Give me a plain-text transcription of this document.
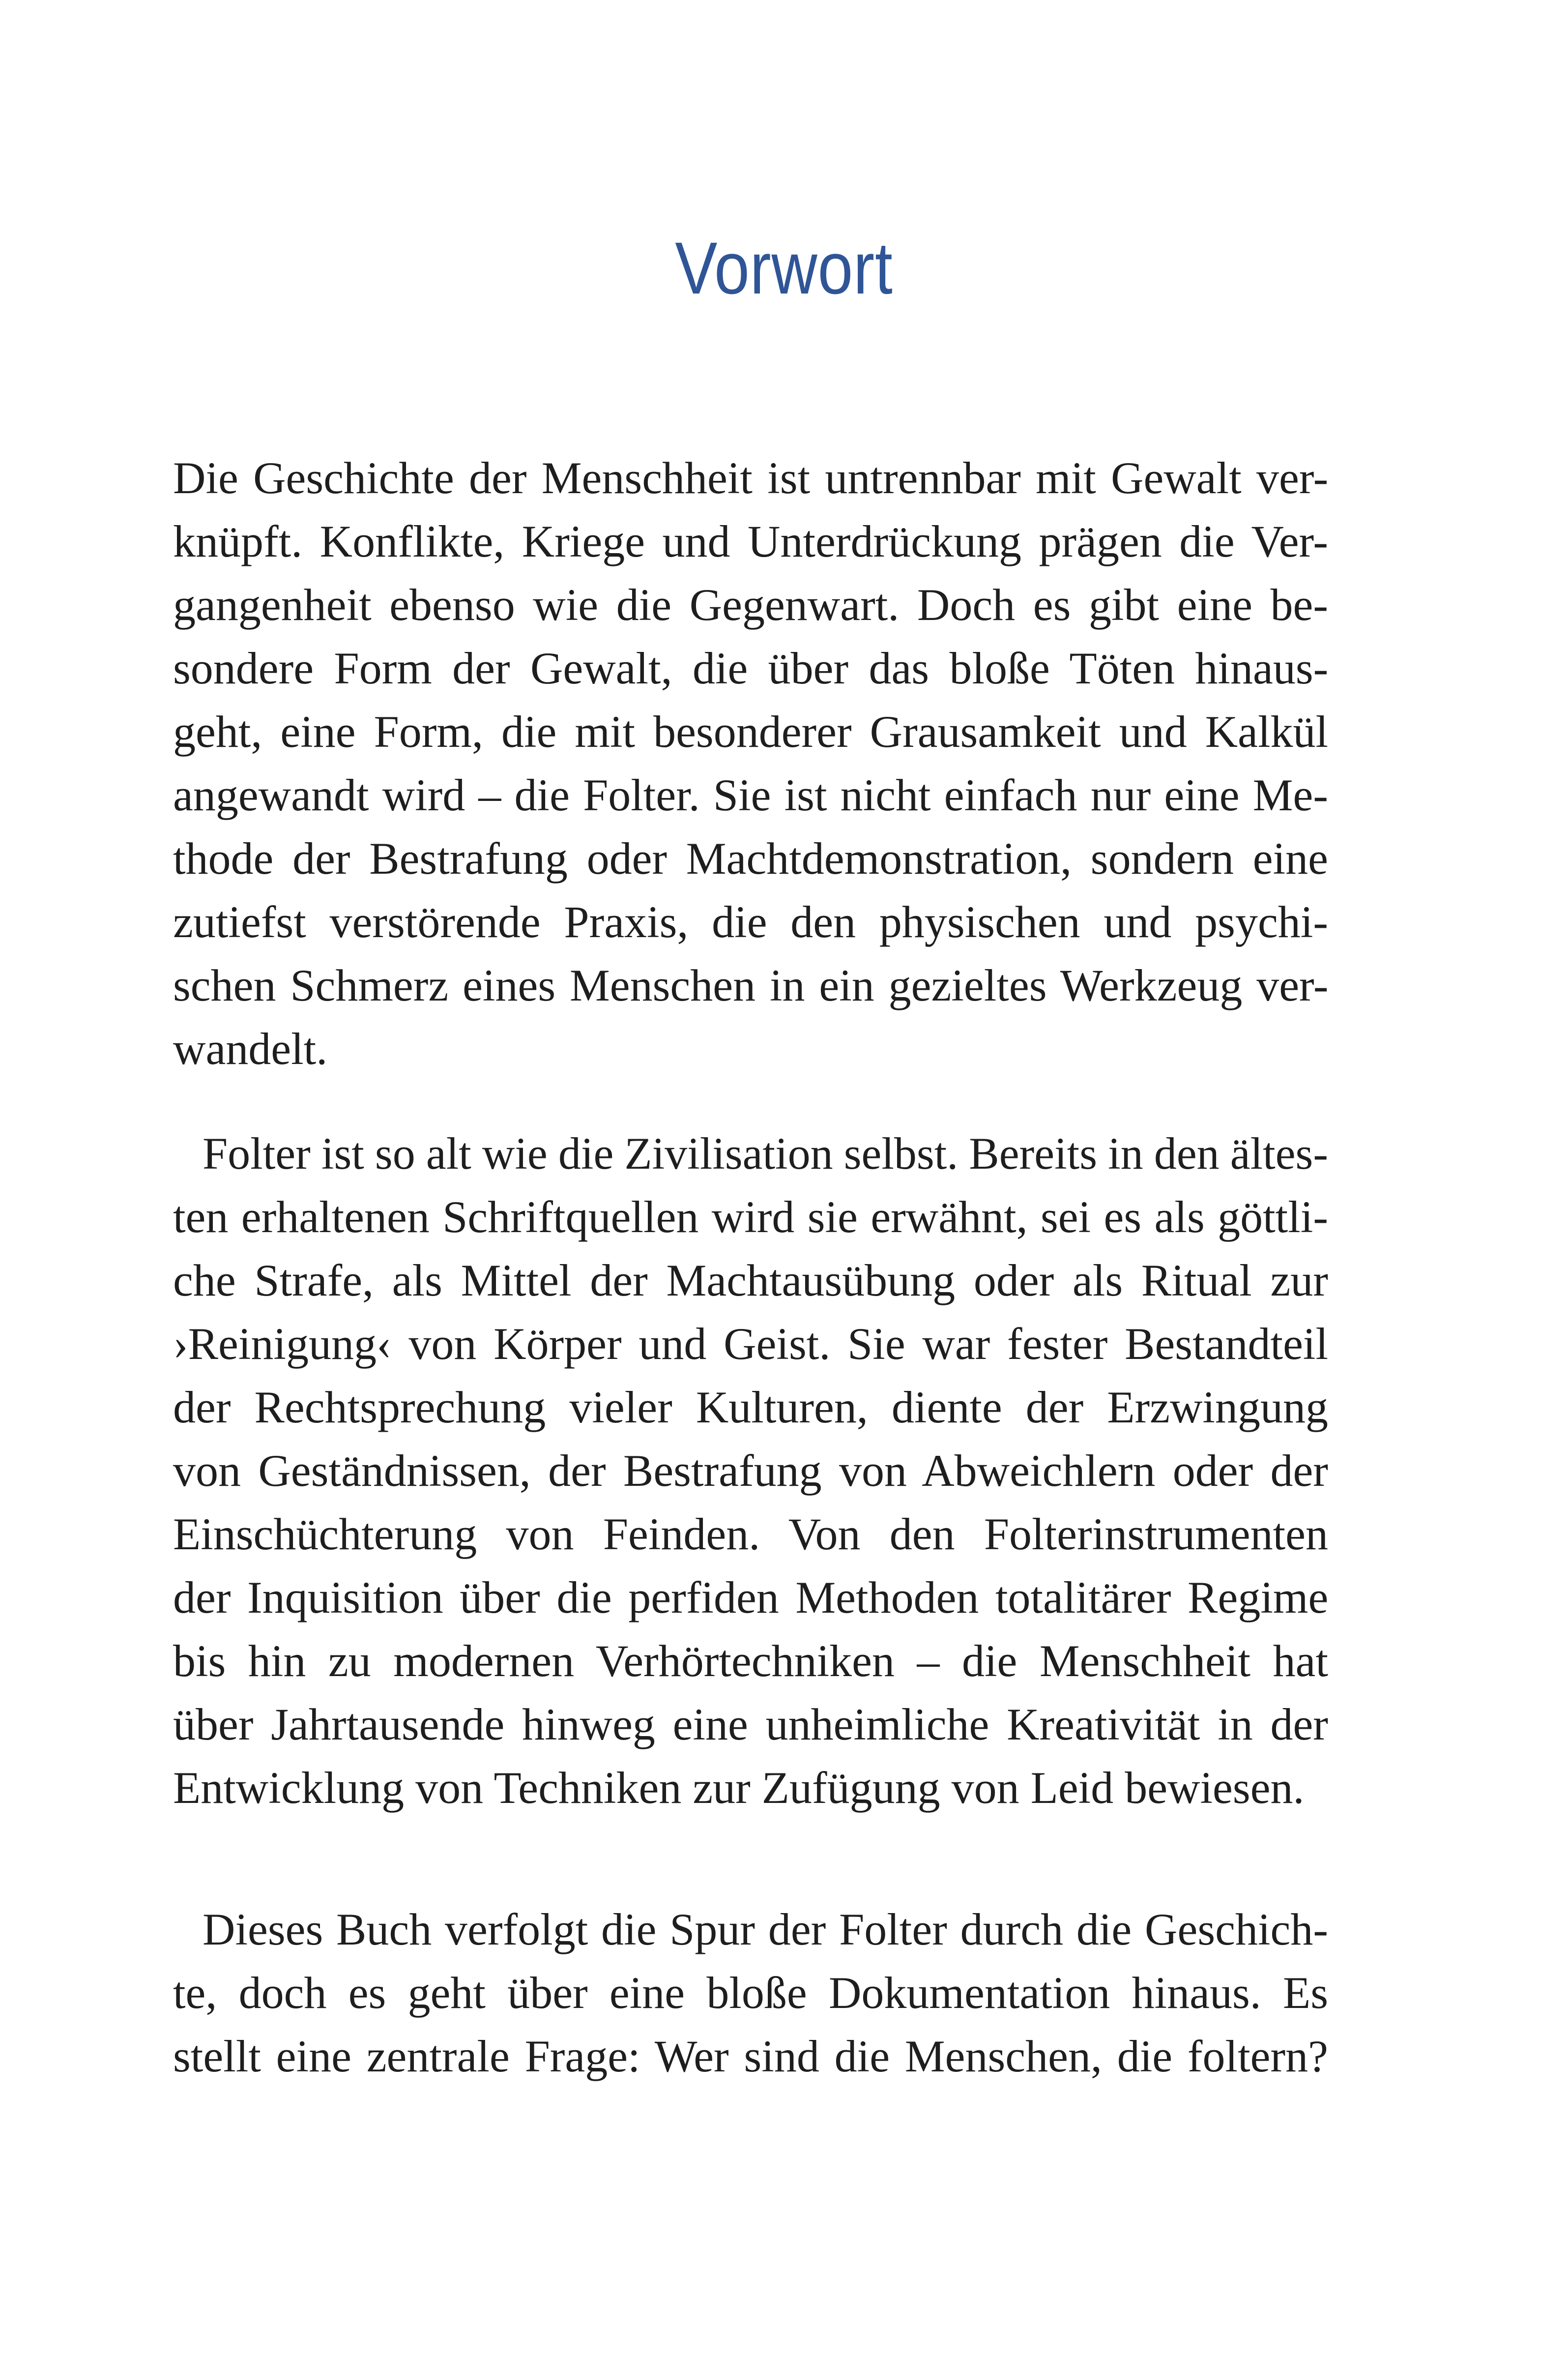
Vorwort
Die Geschichte der Menschheit ist untrennbar mit Gewalt ver-
knüpft. Konflikte, Kriege und Unterdrückung prägen die Ver-
gangenheit ebenso wie die Gegenwart. Doch es gibt eine be-
sondere Form der Gewalt, die über das bloße Töten hinaus-
geht, eine Form, die mit besonderer Grausamkeit und Kalkül
angewandt wird – die Folter. Sie ist nicht einfach nur eine Me-
thode der Bestrafung oder Machtdemonstration, sondern eine
zutiefst verstörende Praxis, die den physischen und psychi-
schen Schmerz eines Menschen in ein gezieltes Werkzeug ver-
wandelt.
Folter ist so alt wie die Zivilisation selbst. Bereits in den ältes-
ten erhaltenen Schriftquellen wird sie erwähnt, sei es als göttli-
che Strafe, als Mittel der Machtausübung oder als Ritual zur
›Reinigung‹ von Körper und Geist. Sie war fester Bestandteil
der Rechtsprechung vieler Kulturen, diente der Erzwingung
von Geständnissen, der Bestrafung von Abweichlern oder der
Einschüchterung von Feinden. Von den Folterinstrumenten
der Inquisition über die perfiden Methoden totalitärer Regime
bis hin zu modernen Verhörtechniken – die Menschheit hat
über Jahrtausende hinweg eine unheimliche Kreativität in der
Entwicklung von Techniken zur Zufügung von Leid bewiesen.
Dieses Buch verfolgt die Spur der Folter durch die Geschich-
te, doch es geht über eine bloße Dokumentation hinaus. Es
stellt eine zentrale Frage: Wer sind die Menschen, die foltern?
